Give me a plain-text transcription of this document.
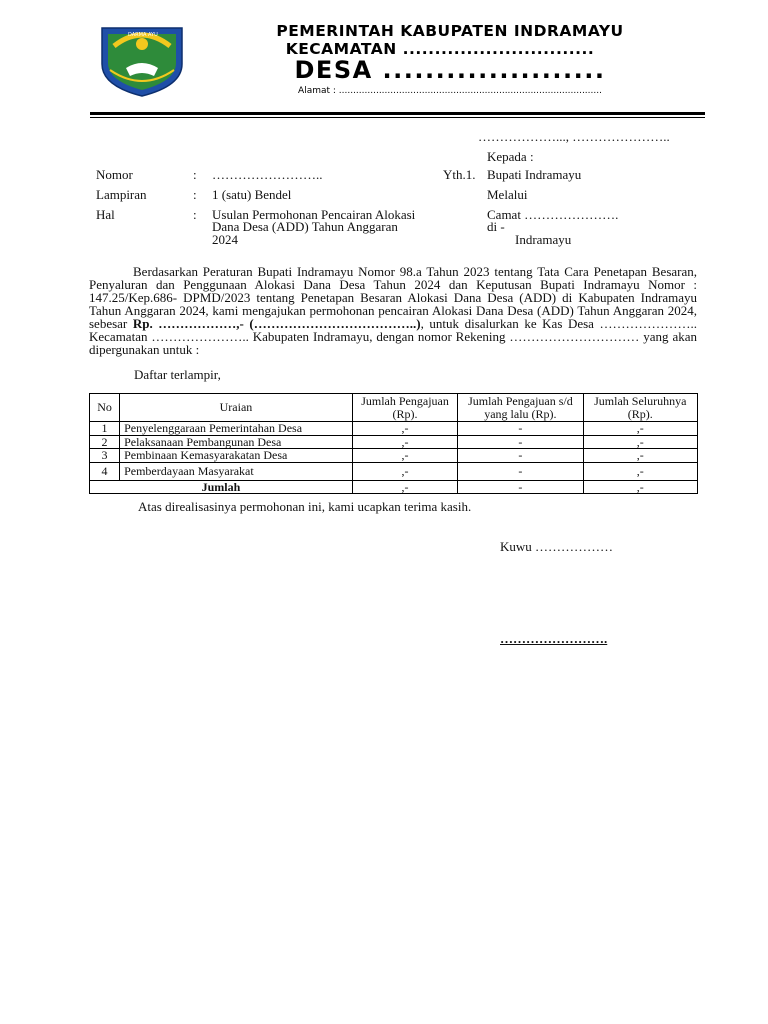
DARMA AYU	PEMERINTAH KABUPATEN INDRAMAYU
KECAMATAN ..............................
DESA .....................
Alamat : ............................................................................................
………………..., …………………..
Kepada :
Yth.1. Bupati Indramayu
Melalui
Camat ………………….
di -
Indramayu
Nomor	: ……………………..
Lampiran	: 1 (satu) Bendel
Hal	: Usulan Permohonan Pencairan Alokasi
Dana Desa (ADD) Tahun Anggaran
2024
Berdasarkan Peraturan Bupati Indramayu Nomor 98.a Tahun 2023 tentang Tata Cara Penetapan Besaran, Penyaluran dan Penggunaan Alokasi Dana Desa Tahun 2024 dan Keputusan Bupati Indramayu Nomor : 147.25/Kep.686- DPMD/2023 tentang Penetapan Besaran Alokasi Dana Desa (ADD) di Kabupaten Indramayu Tahun Anggaran 2024, kami mengajukan permohonan pencairan Alokasi Dana Desa (ADD) Tahun Anggaran 2024, sebesar Rp. ………………,- (………………………………..), untuk disalurkan ke Kas Desa ………………….. Kecamatan ………………….. Kabupaten Indramayu, dengan nomor Rekening ………………………… yang akan dipergunakan untuk :
Daftar terlampir,
No	Uraian	Jumlah Pengajuan (Rp).	Jumlah Pengajuan s/d yang lalu (Rp).	Jumlah Seluruhnya (Rp).
1	Penyelenggaraan Pemerintahan Desa	,-	-	,-
2	Pelaksanaan Pembangunan Desa	,-	-	,-
3	Pembinaan Kemasyarakatan Desa	,-	-	,-
4	Pemberdayaan Masyarakat	,-	-	,-
Jumlah		,-	-	,-
Atas direalisasinya permohonan ini, kami ucapkan terima kasih.
Kuwu ………………
…………………….
